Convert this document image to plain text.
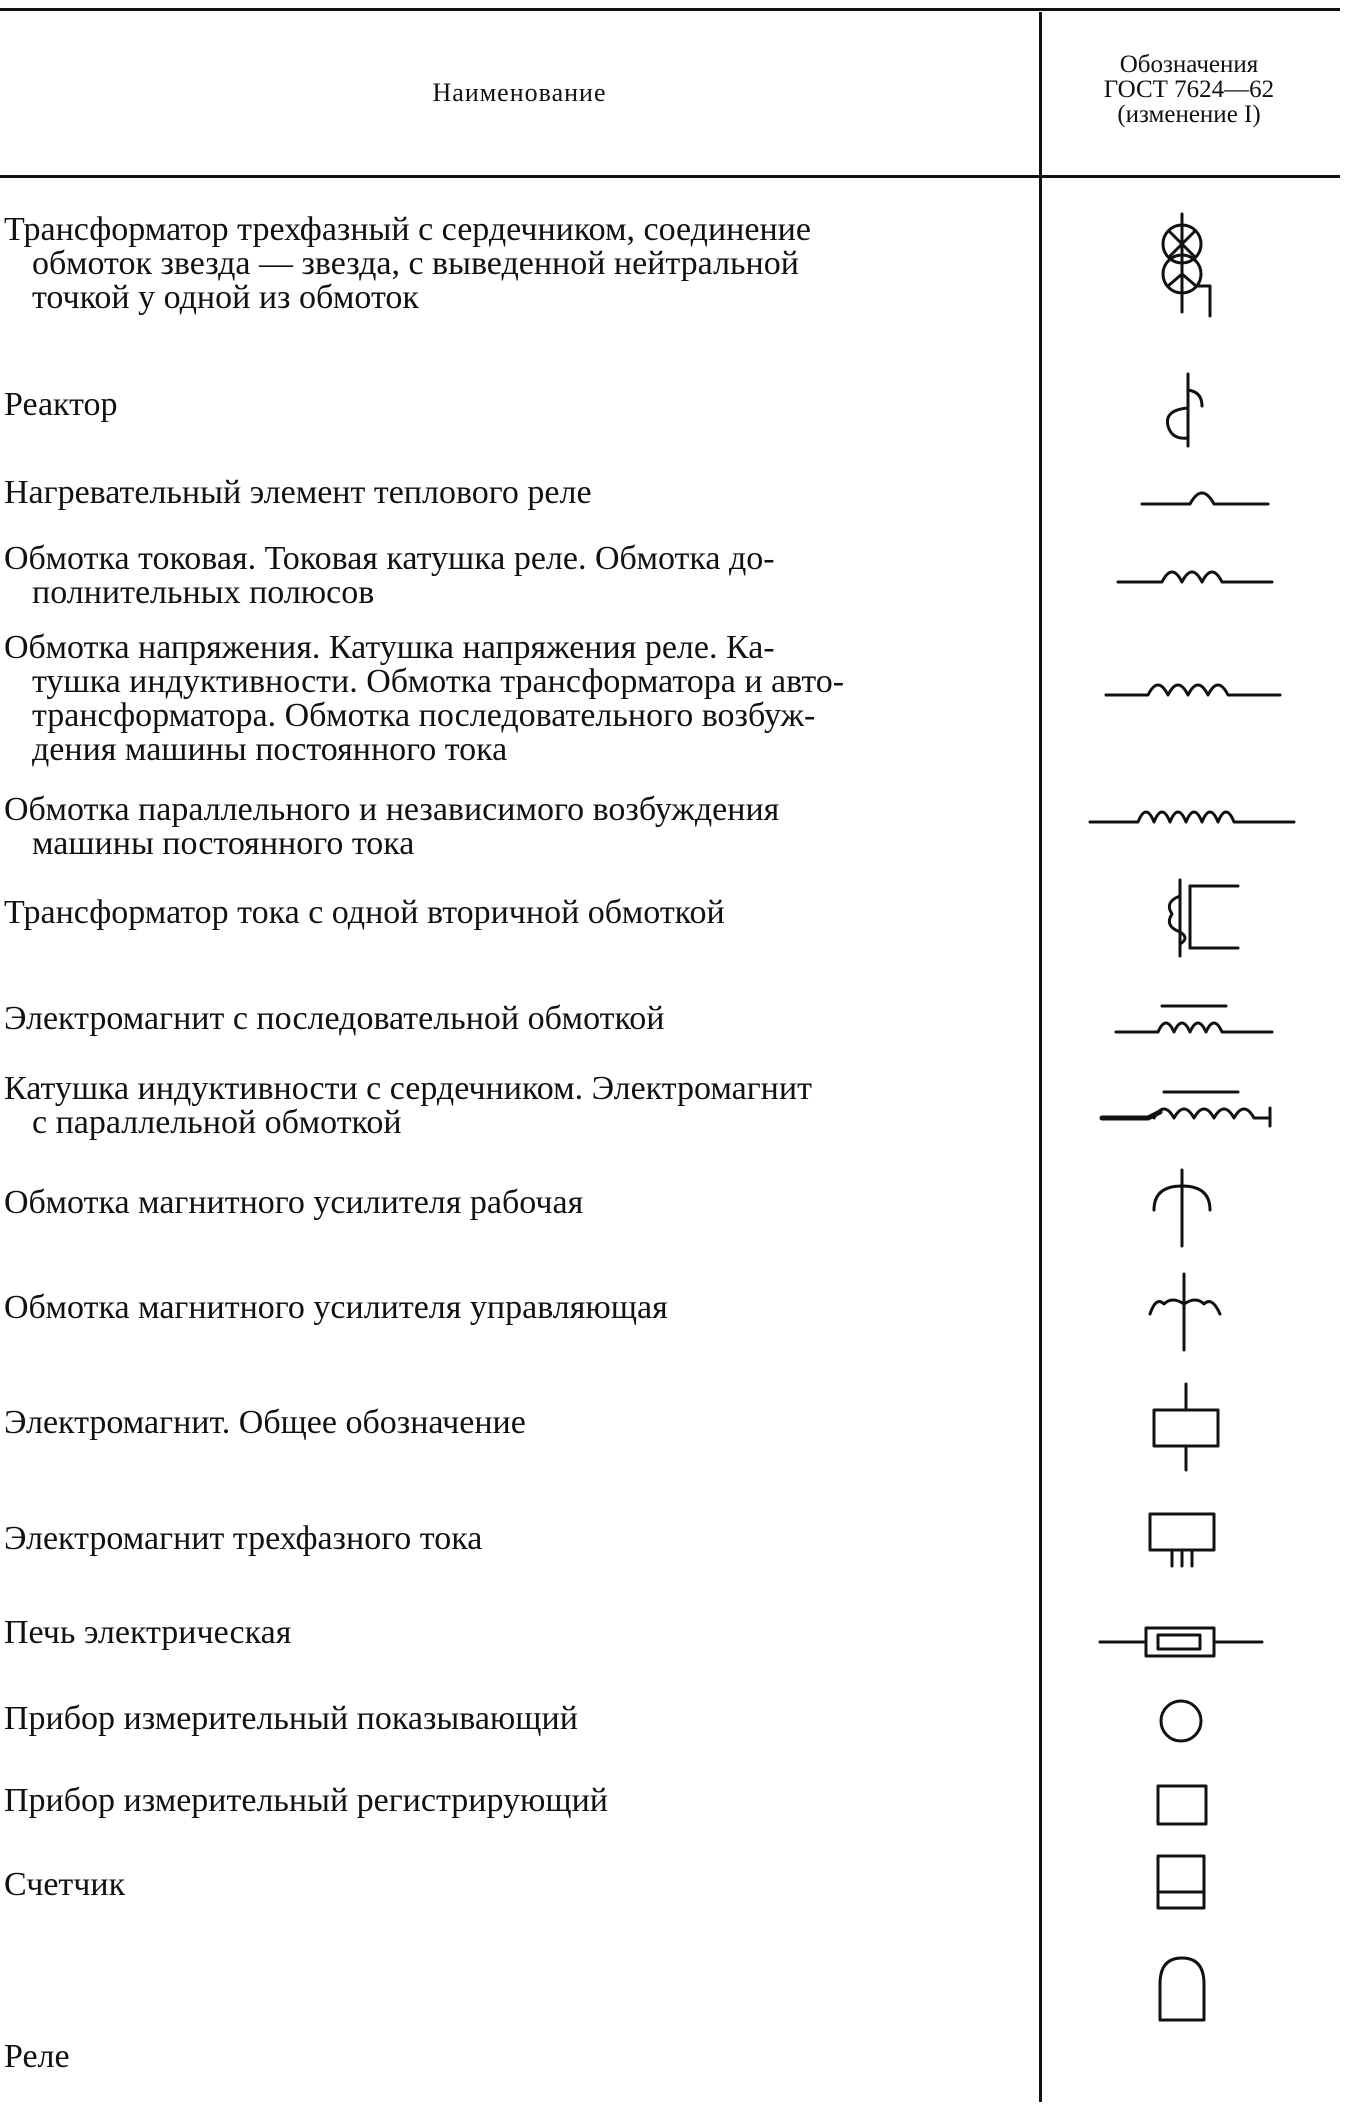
Наименование
Обозначения
ГОСТ 7624—62
(изменение I)
Трансформатор трехфазный с сердечником, соединение
обмоток звезда — звезда, с выведенной нейтральной
точкой у одной из обмоток
Реактор
Нагревательный элемент теплового реле
Обмотка токовая. Токовая катушка реле. Обмотка до-
полнительных полюсов
Обмотка напряжения. Катушка напряжения реле. Ка-
тушка индуктивности. Обмотка трансформатора и авто-
трансформатора. Обмотка последовательного возбуж-
дения машины постоянного тока
Обмотка параллельного и независимого возбуждения
машины постоянного тока
Трансформатор тока с одной вторичной обмоткой
Электромагнит с последовательной обмоткой
Катушка индуктивности с сердечником. Электромагнит
с параллельной обмоткой
Обмотка магнитного усилителя рабочая
Обмотка магнитного усилителя управляющая
Электромагнит. Общее обозначение
Электромагнит трехфазного тока
Печь электрическая
Прибор измерительный показывающий
Прибор измерительный регистрирующий
Счетчик
Реле
